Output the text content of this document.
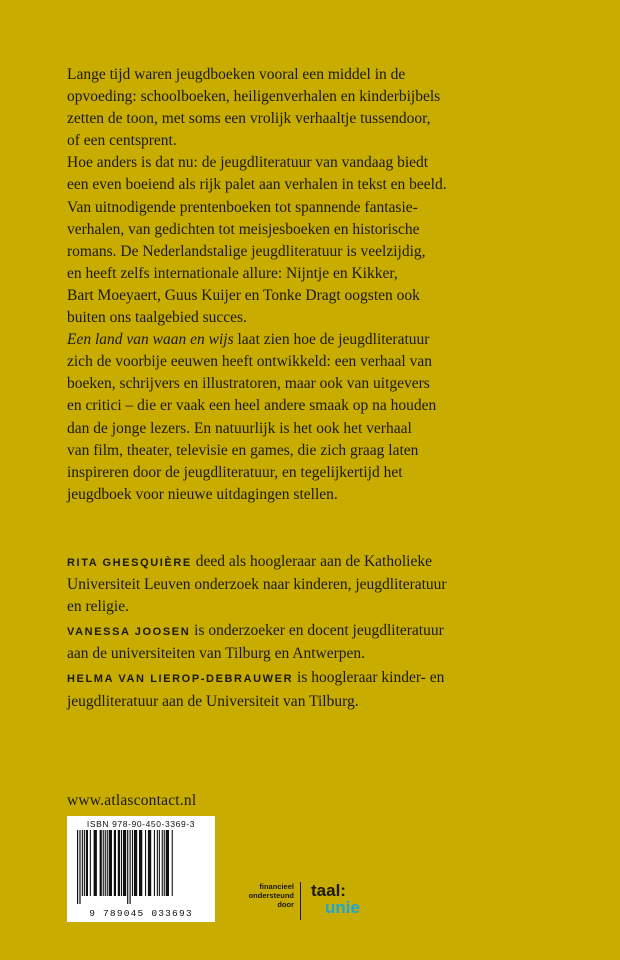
Lange tijd waren jeugdboeken vooral een middel in de

opvoeding: schoolboeken, heiligenverhalen en kinderbijbels

zetten de toon, met soms een vrolijk verhaaltje tussendoor,

of een centsprent.

Hoe anders is dat nu: de jeugdliteratuur van vandaag biedt

een even boeiend als rijk palet aan verhalen in tekst en beeld.

Van uitnodigende prentenboeken tot spannende fantasie-

verhalen, van gedichten tot meisjesboeken en historische

romans. De Nederlandstalige jeugdliteratuur is veelzijdig,

en heeft zelfs internationale allure: Nijntje en Kikker,

Bart Moeyaert, Guus Kuijer en Tonke Dragt oogsten ook

buiten ons taalgebied succes.

Een land van waan en wijs laat zien hoe de jeugdliteratuur

zich de voorbije eeuwen heeft ontwikkeld: een verhaal van

boeken, schrijvers en illustratoren, maar ook van uitgevers

en critici – die er vaak een heel andere smaak op na houden

dan de jonge lezers. En natuurlijk is het ook het verhaal

van film, theater, televisie en games, die zich graag laten

inspireren door de jeugdliteratuur, en tegelijkertijd het

jeugdboek voor nieuwe uitdagingen stellen.

RITA GHESQUIÈRE deed als hoogleraar aan de Katholieke
Universiteit Leuven onderzoek naar kinderen, jeugdliteratuur
en religie.

VANESSA JOOSEN is onderzoeker en docent jeugdliteratuur
aan de universiteiten van Tilburg en Antwerpen.

HELMA VAN LIEROP-DEBRAUWER is hoogleraar kinder- en
jeugdliteratuur aan de Universiteit van Tilburg.

www.atlascontact.nl
ISBN 978-90-450-3369-3
9 789045 033693
financieel
ondersteund
door
taal:
unie
